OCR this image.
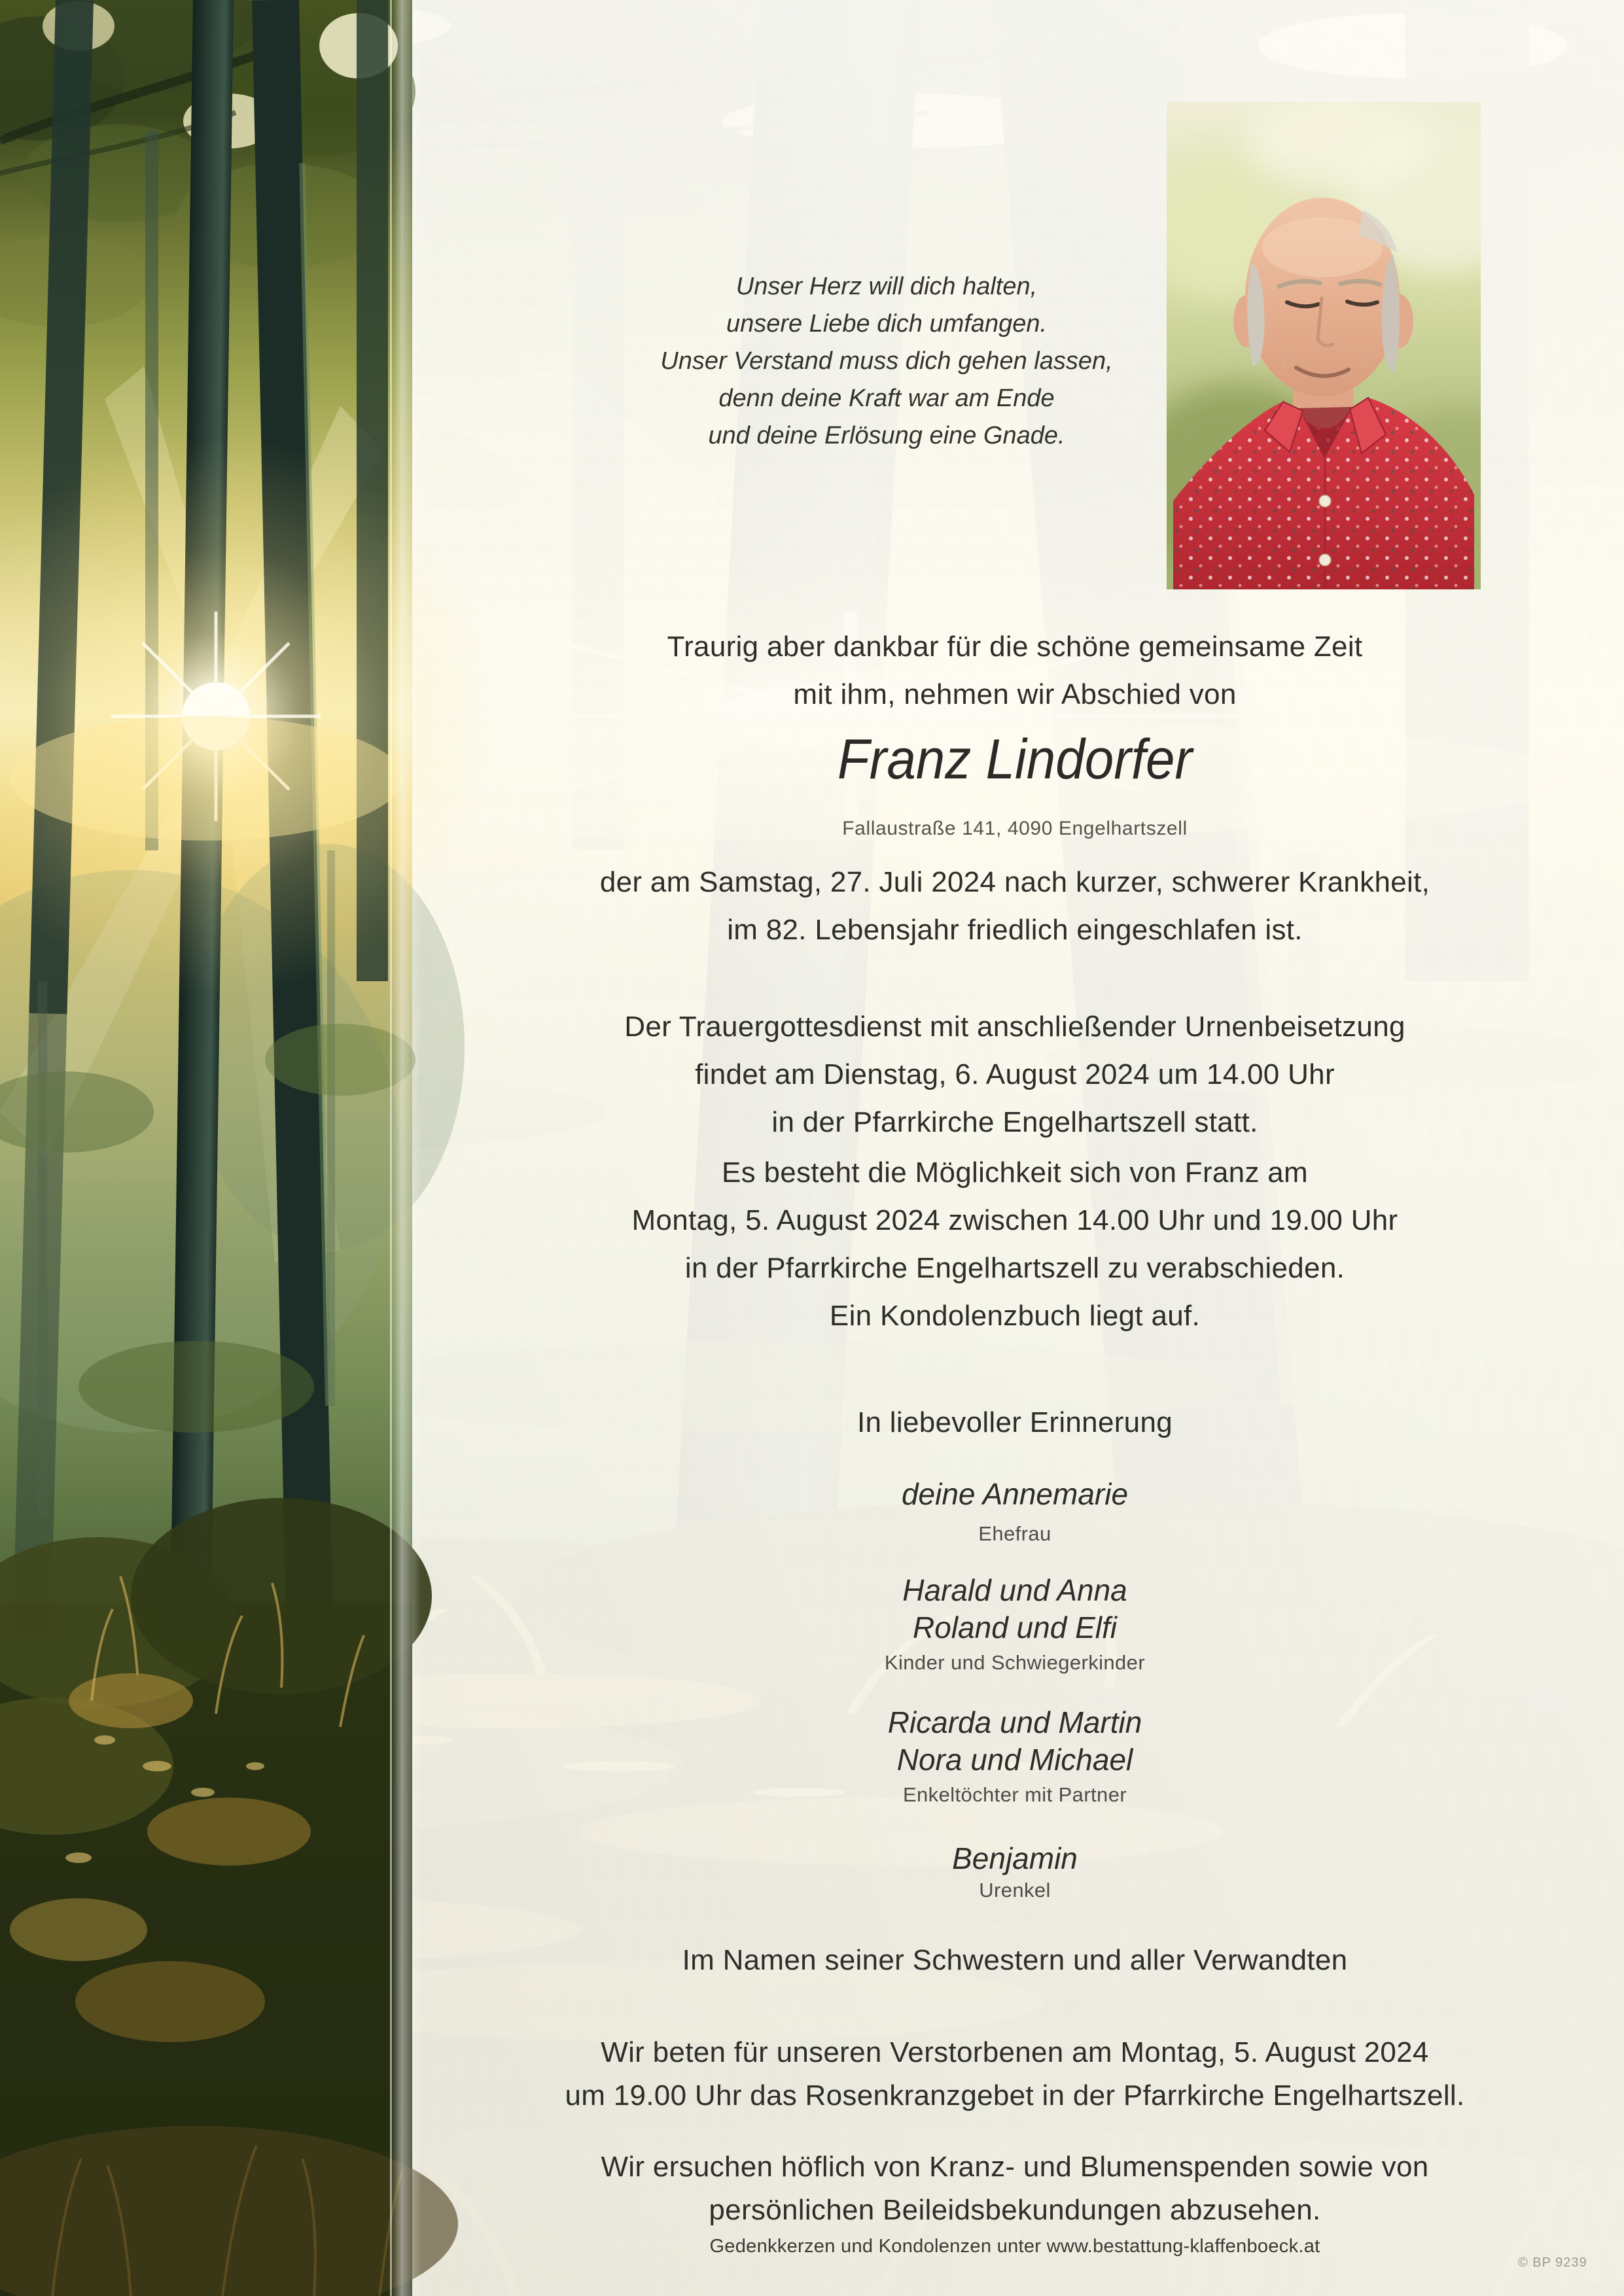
Unser Herz will dich halten,
unsere Liebe dich umfangen.
Unser Verstand muss dich gehen lassen,
denn deine Kraft war am Ende
und deine Erlösung eine Gnade.
Traurig aber dankbar für die schöne gemeinsame Zeit
mit ihm, nehmen wir Abschied von
Franz Lindorfer
Fallaustraße 141, 4090 Engelhartszell
der am Samstag, 27. Juli 2024 nach kurzer, schwerer Krankheit,
im 82. Lebensjahr friedlich eingeschlafen ist.
Der Trauergottesdienst mit anschließender Urnenbeisetzung
findet am Dienstag, 6. August 2024 um 14.00 Uhr
in der Pfarrkirche Engelhartszell statt.
Es besteht die Möglichkeit sich von Franz am
Montag, 5. August 2024 zwischen 14.00 Uhr und 19.00 Uhr
in der Pfarrkirche Engelhartszell zu verabschieden.
Ein Kondolenzbuch liegt auf.
In liebevoller Erinnerung
deine Annemarie
Ehefrau
Harald und Anna
Roland und Elfi
Kinder und Schwiegerkinder
Ricarda und Martin
Nora und Michael
Enkeltöchter mit Partner
Benjamin
Urenkel
Im Namen seiner Schwestern und aller Verwandten
Wir beten für unseren Verstorbenen am Montag, 5. August 2024
um 19.00 Uhr das Rosenkranzgebet in der Pfarrkirche Engelhartszell.
Wir ersuchen höflich von Kranz- und Blumenspenden sowie von
persönlichen Beileidsbekundungen abzusehen.
Gedenkkerzen und Kondolenzen unter www.bestattung-klaffenboeck.at
© BP 9239
